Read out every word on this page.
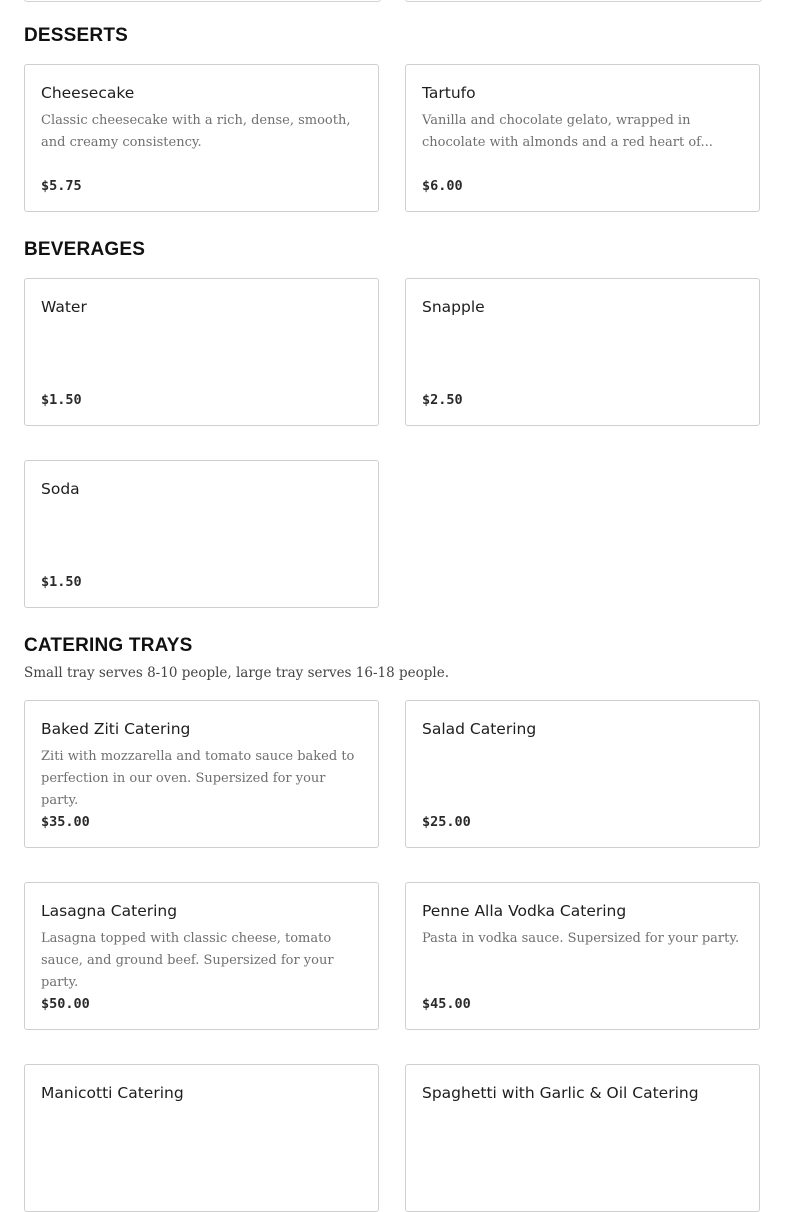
DESSERTS
Cheesecake
Classic cheesecake with a rich, dense, smooth, and creamy consistency.
$5.75
Tartufo
Vanilla and chocolate gelato, wrapped in chocolate with almonds and a red heart of...
$6.00
BEVERAGES
Water
$1.50
Snapple
$2.50
Soda
$1.50
CATERING TRAYS

Small tray serves 8-10 people, large tray serves 16-18 people.

Baked Ziti Catering
Ziti with mozzarella and tomato sauce baked to perfection in our oven. Supersized for your party.
$35.00
Salad Catering
$25.00
Lasagna Catering
Lasagna topped with classic cheese, tomato sauce, and ground beef. Supersized for your party.
$50.00
Penne Alla Vodka Catering
Pasta in vodka sauce. Supersized for your party.
$45.00
Manicotti Catering	Spaghetti with Garlic & Oil Catering
